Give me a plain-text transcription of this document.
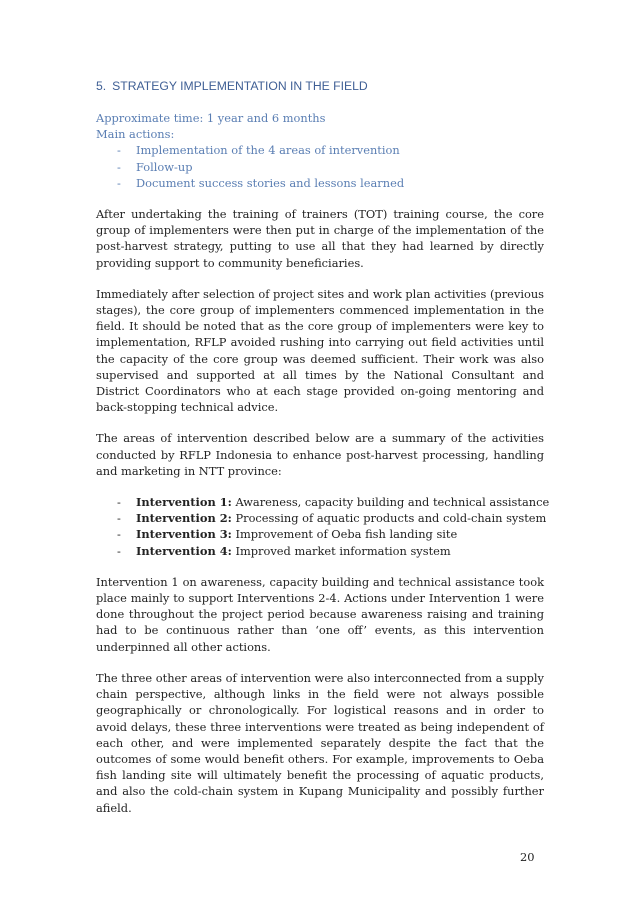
5. STRATEGY IMPLEMENTATION IN THE FIELD

Approximate time: 1 year and 6 months

Main actions:

- Implementation of the 4 areas of intervention
- Follow-up
- Document success stories and lessons learned

After undertaking the training of trainers (TOT) training course, the core group of implementers were then put in charge of the implementation of the post-harvest strategy, putting to use all that they had learned by directly providing support to community beneficiaries.

Immediately after selection of project sites and work plan activities (previous stages), the core group of implementers commenced implementation in the field. It should be noted that as the core group of implementers were key to implementation, RFLP avoided rushing into carrying out field activities until the capacity of the core group was deemed sufficient. Their work was also supervised and supported at all times by the National Consultant and District Coordinators who at each stage provided on-going mentoring and back-stopping technical advice.

The areas of intervention described below are a summary of the activities conducted by RFLP Indonesia to enhance post-harvest processing, handling and marketing in NTT province:

- Intervention 1: Awareness, capacity building and technical assistance
- Intervention 2: Processing of aquatic products and cold-chain system
- Intervention 3: Improvement of Oeba fish landing site
- Intervention 4: Improved market information system

Intervention 1 on awareness, capacity building and technical assistance took place mainly to support Interventions 2-4. Actions under Intervention 1 were done throughout the project period because awareness raising and training had to be continuous rather than ‘one off’ events, as this intervention underpinned all other actions.

The three other areas of intervention were also interconnected from a supply chain perspective, although links in the field were not always possible geographically or chronologically. For logistical reasons and in order to avoid delays, these three interventions were treated as being independent of each other, and were implemented separately despite the fact that the outcomes of some would benefit others. For example, improvements to Oeba fish landing site will ultimately benefit the processing of aquatic products, and also the cold-chain system in Kupang Municipality and possibly further afield.

20
